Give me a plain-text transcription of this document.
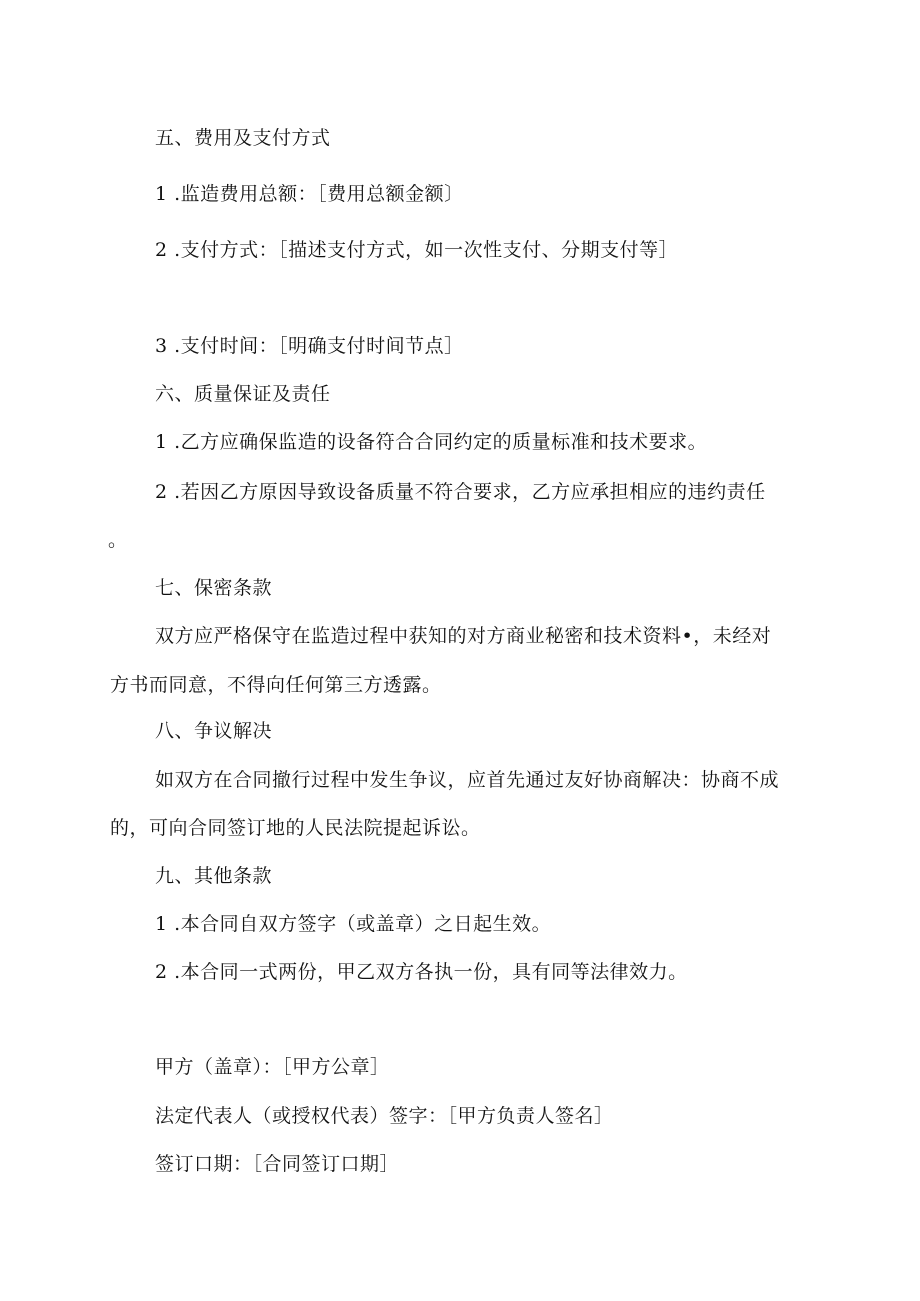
五、费用及支付方式
1 .监造费用总额：［费用总额金额〕
2 .支付方式：［描述支付方式，如一次性支付、分期支付等］
3 .支付时间：［明确支付时间节点］
六、质量保证及责任
1 .乙方应确保监造的设备符合合同约定的质量标准和技术要求。
2 .若因乙方原因导致设备质量不符合要求，乙方应承担相应的违约责任
。
七、保密条款
双方应严格保守在监造过程中获知的对方商业秘密和技术资料•，未经对
方书而同意，不得向任何第三方透露。
八、争议解决
如双方在合同撤行过程中发生争议，应首先通过友好协商解决：协商不成
的，可向合同签订地的人民法院提起诉讼。
九、其他条款
1 .本合同自双方签字（或盖章）之日起生效。
2 .本合同一式两份，甲乙双方各执一份，具有同等法律效力。
甲方（盖章）：［甲方公章］
法定代表人（或授权代表）签字：［甲方负责人签名］
签订口期：［合同签订口期］
